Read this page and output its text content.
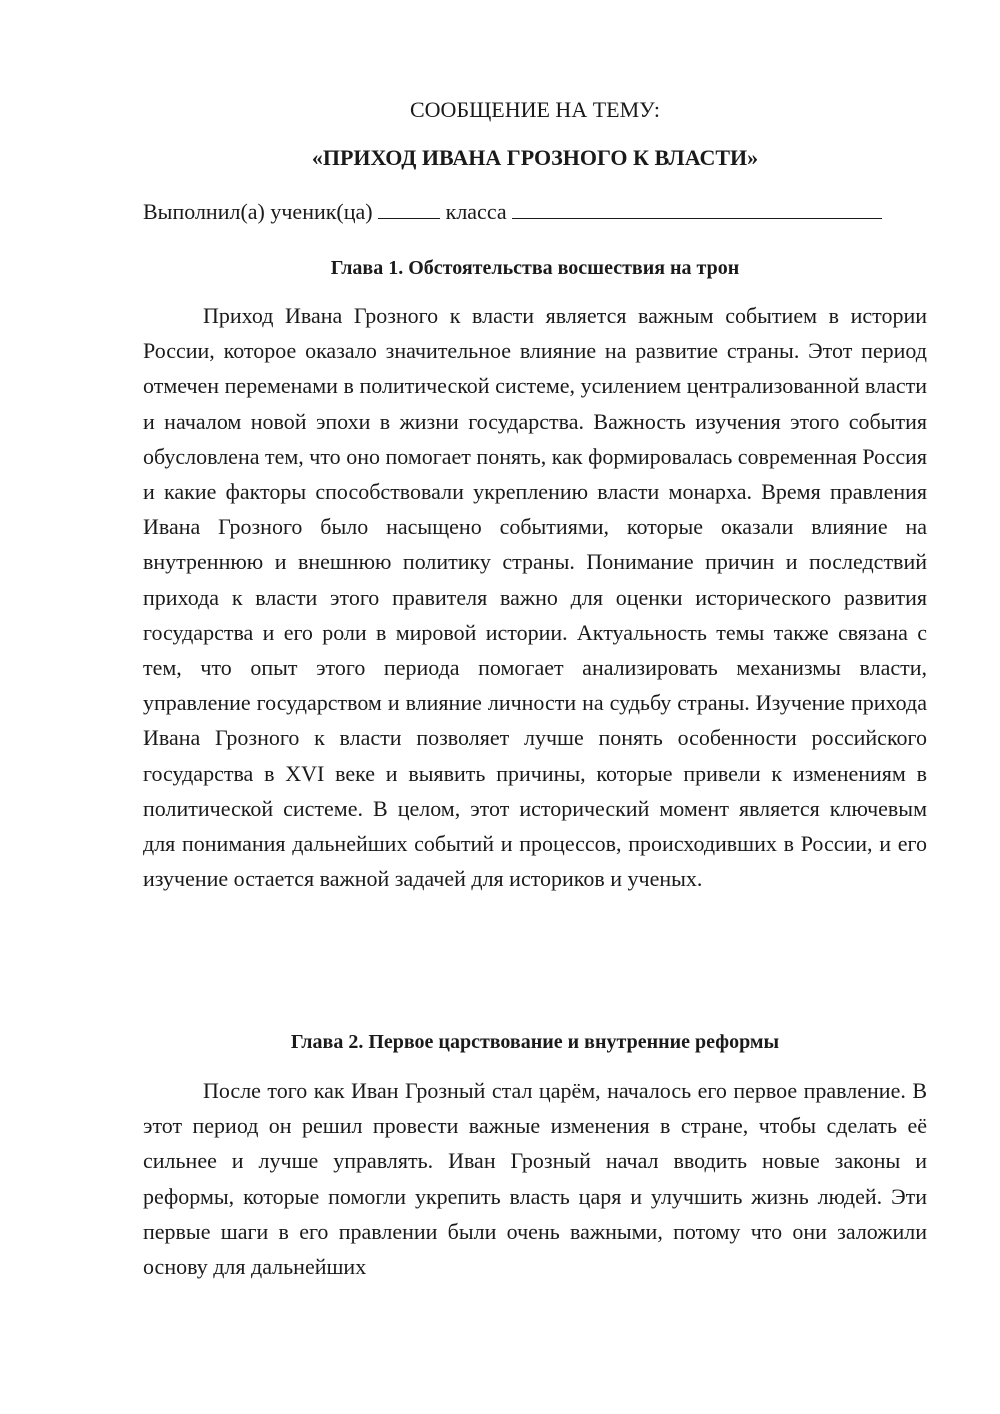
СООБЩЕНИЕ НА ТЕМУ:
«ПРИХОД ИВАНА ГРОЗНОГО К ВЛАСТИ»
Выполнил(а) ученик(ца)	класса
Глава 1. Обстоятельства восшествия на трон

Приход Ивана Грозного к власти является важным событием в истории России, которое оказало значительное влияние на развитие страны. Этот период отмечен переменами в политической системе, усилением централизованной власти и началом новой эпохи в жизни государства. Важность изучения этого события обусловлена тем, что оно помогает понять, как формировалась современная Россия и какие факторы способствовали укреплению власти монарха. Время правления Ивана Грозного было насыщено событиями, которые оказали влияние на внутреннюю и внешнюю политику страны. Понимание причин и последствий прихода к власти этого правителя важно для оценки исторического развития государства и его роли в мировой истории. Актуальность темы также связана с тем, что опыт этого периода помогает анализировать механизмы власти, управление государством и влияние личности на судьбу страны. Изучение прихода Ивана Грозного к власти позволяет лучше понять особенности российского государства в XVI веке и выявить причины, которые привели к изменениям в политической системе. В целом, этот исторический момент является ключевым для понимания дальнейших событий и процессов, происходивших в России, и его изучение остается важной задачей для историков и ученых.

Глава 2. Первое царствование и внутренние реформы

После того как Иван Грозный стал царём, началось его первое правление. В этот период он решил провести важные изменения в стране, чтобы сделать её сильнее и лучше управлять. Иван Грозный начал вводить новые законы и реформы, которые помогли укрепить власть царя и улучшить жизнь людей. Эти первые шаги в его правлении были очень важными, потому что они заложили основу для дальнейших
